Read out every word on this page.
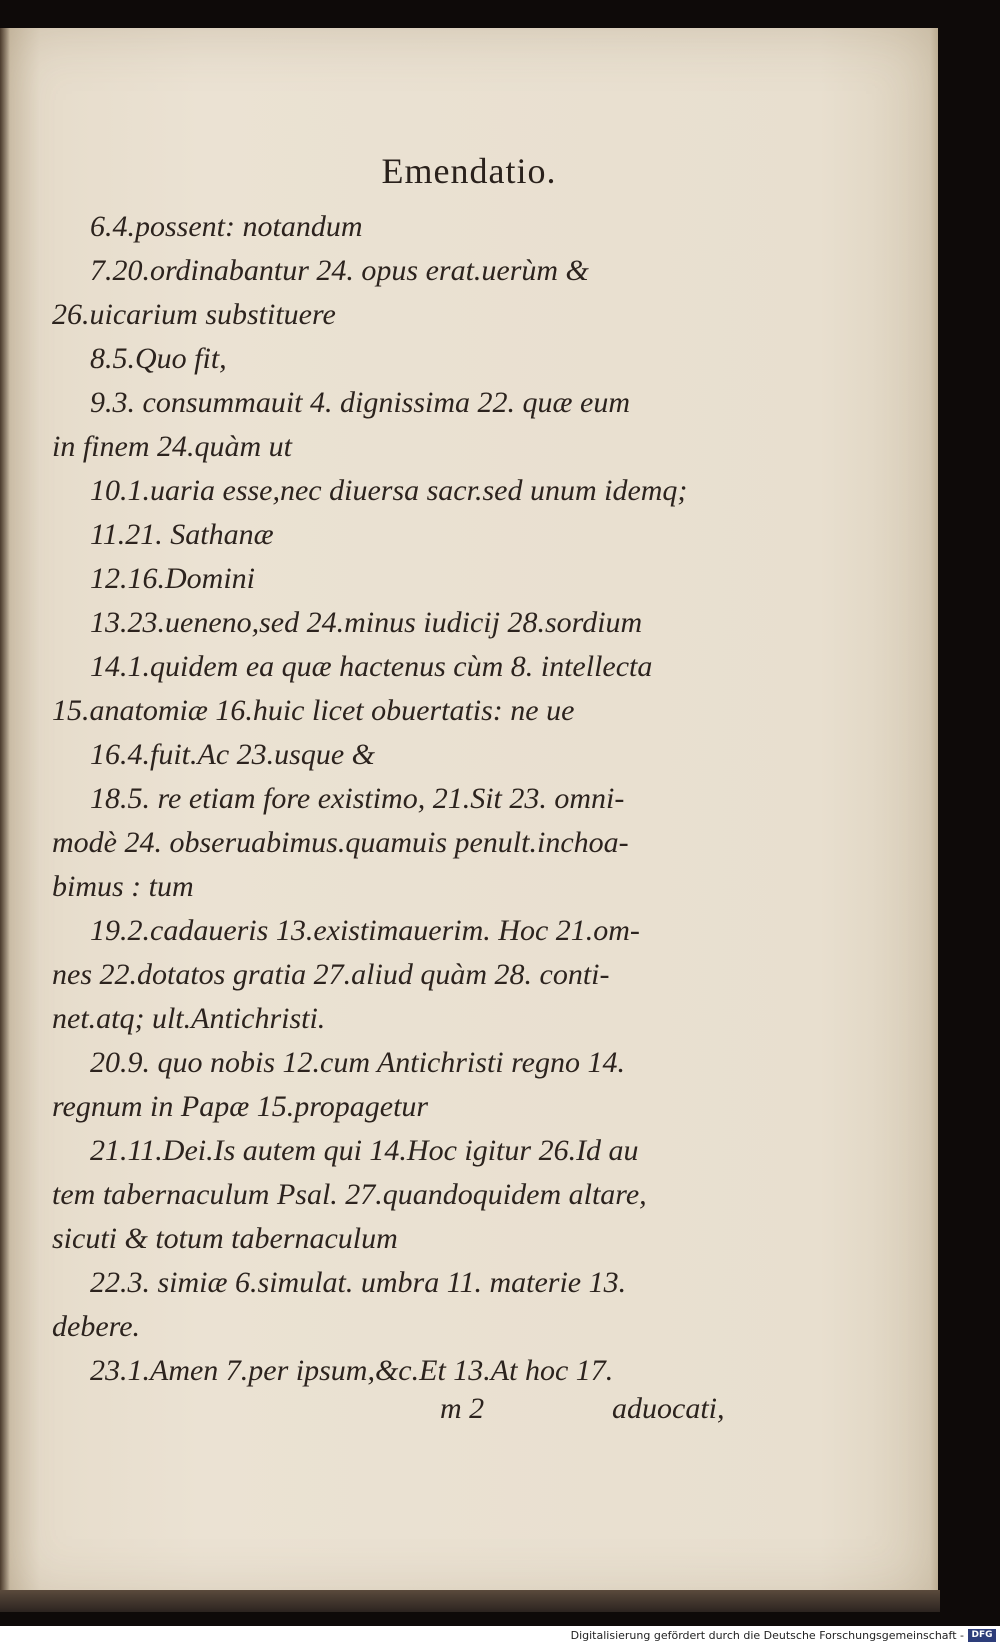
Emendatio.
6.4.possent: notandum
7.20.ordinabantur 24. opus erat.uerùm &
26.uicarium substituere
8.5.Quo fit,
9.3. consummauit 4. dignissima 22. quæ eum
in finem 24.quàm ut
10.1.uaria esse,nec diuersa sacr.sed unum idemq;
11.21. Sathanæ
12.16.Domini
13.23.ueneno,sed 24.minus iudicij 28.sordium
14.1.quidem ea quæ hactenus cùm 8. intellecta
15.anatomiæ 16.huic licet obuertatis: ne ue
16.4.fuit.Ac 23.usque &
18.5. re etiam fore existimo, 21.Sit 23. omni-
modè 24. obseruabimus.quamuis penult.inchoa-
bimus : tum
19.2.cadaueris 13.existimauerim. Hoc 21.om-
nes 22.dotatos gratia 27.aliud quàm 28. conti-
net.atq; ult.Antichristi.
20.9. quo nobis 12.cum Antichristi regno 14.
regnum in Papæ 15.propagetur
21.11.Dei.Is autem qui 14.Hoc igitur 26.Id au
tem tabernaculum Psal. 27.quandoquidem altare,
sicuti & totum tabernaculum
22.3. simiæ 6.simulat. umbra 11. materie 13.
debere.
23.1.Amen 7.per ipsum,&c.Et 13.At hoc 17.
m 2	aduocati,
Digitalisierung gefördert durch die Deutsche Forschungsgemeinschaft - DFG
